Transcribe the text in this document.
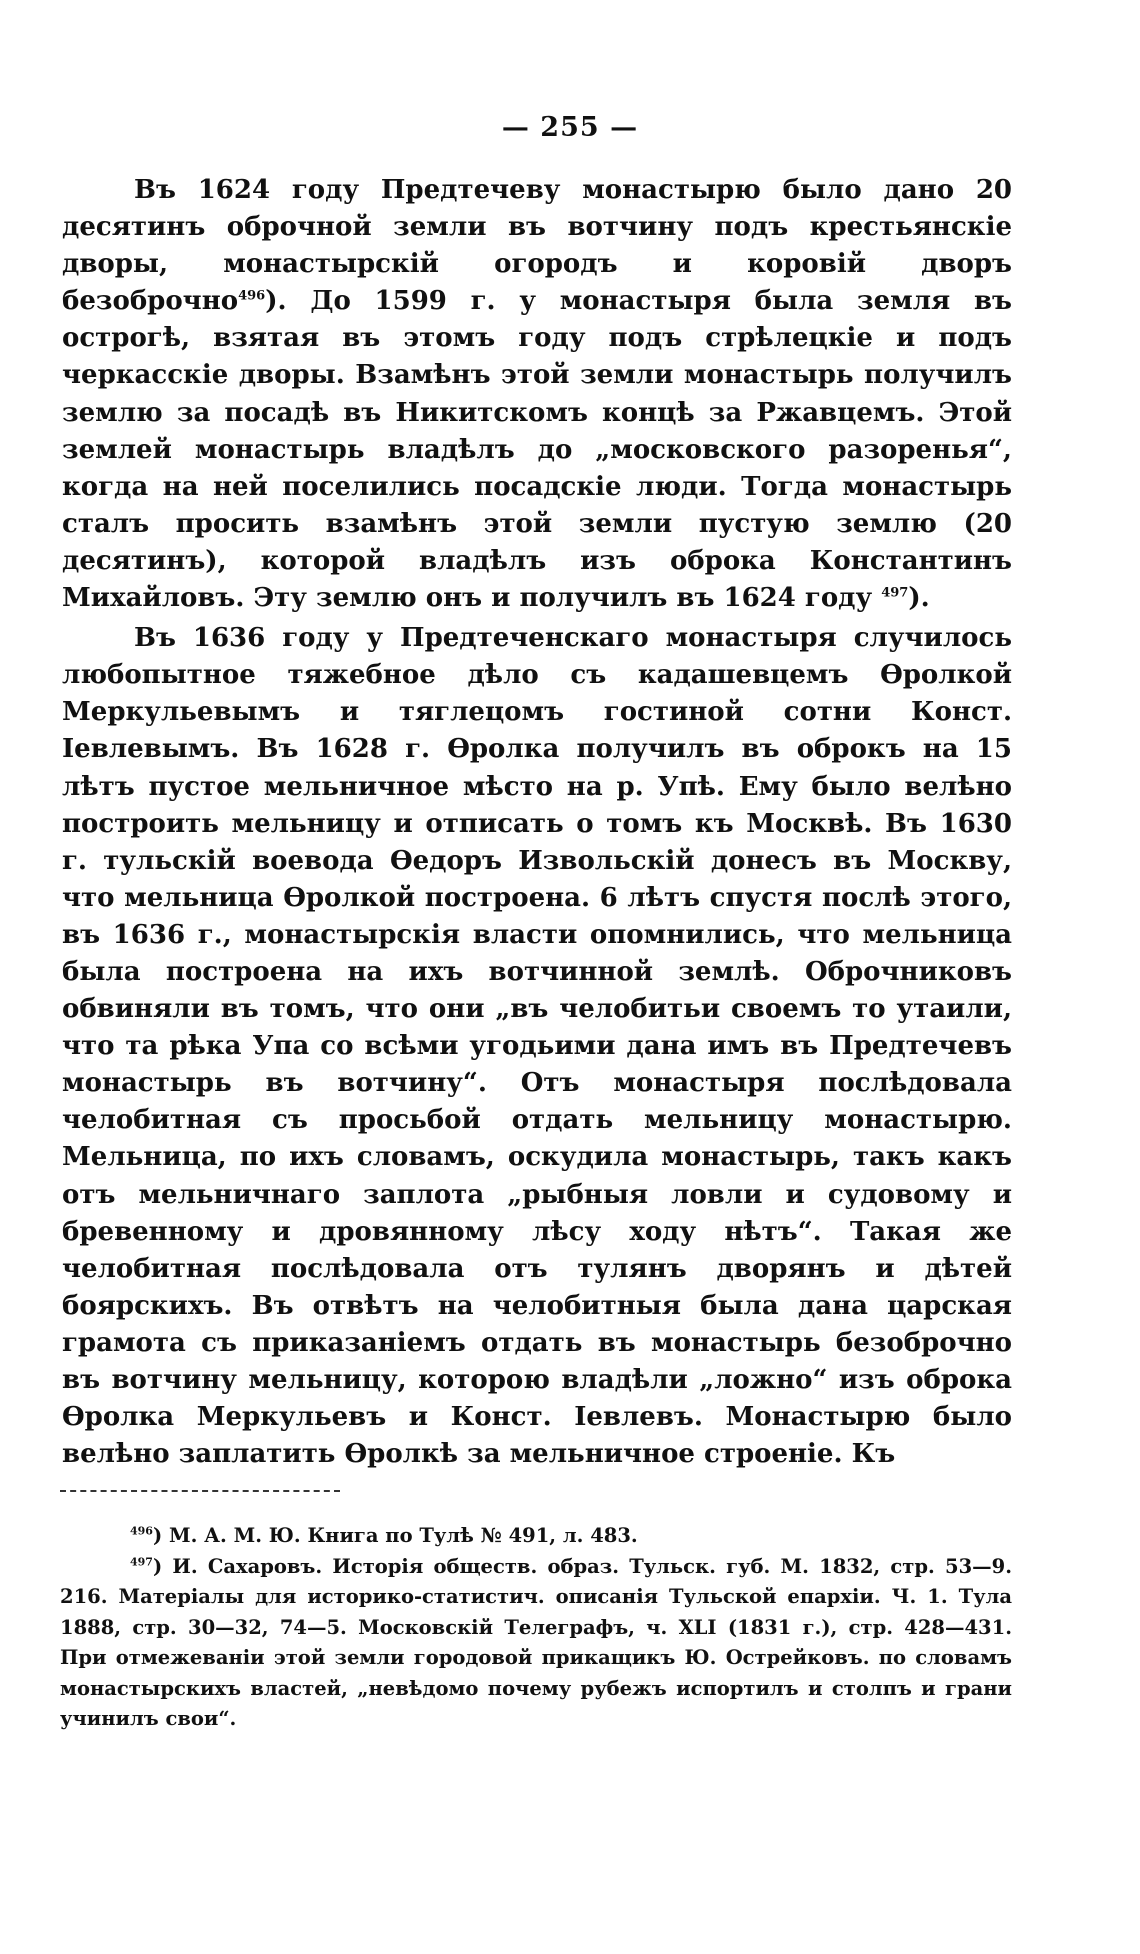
— 255 —

Въ 1624 году Предтечеву монастырю было дано 20 десятинъ оброчной земли въ вотчину подъ крестьянскіе дворы, монастырскій огородъ и коровій дворъ безоброчно$^{496}$). До 1599 г. у монастыря была земля въ острогѣ, взятая въ этомъ году подъ стрѣлецкіе и подъ черкасскіе дворы. Взамѣнъ этой земли монастырь получилъ землю за посадѣ въ Никитскомъ концѣ за Ржавцемъ. Этой землей монастырь владѣлъ до „московского разоренья“, когда на ней поселились посадскіе люди. Тогда монастырь сталъ просить взамѣнъ этой земли пустую землю (20 десятинъ), которой владѣлъ изъ оброка Константинъ Михайловъ. Эту землю онъ и получилъ въ 1624 году $^{497}$).

Въ 1636 году у Предтеченскаго монастыря случилось любопытное тяжебное дѣло съ кадашевцемъ Ѳролкой Меркульевымъ и тяглецомъ гостиной сотни Конст. Іевлевымъ. Въ 1628 г. Ѳролка получилъ въ оброкъ на 15 лѣтъ пустое мельничное мѣсто на р. Упѣ. Ему было велѣно построить мельницу и отписать о томъ къ Москвѣ. Въ 1630 г. тульскій воевода Ѳедоръ Извольскій донесъ въ Москву, что мельница Ѳролкой построена. 6 лѣтъ спустя послѣ этого, въ 1636 г., монастырскія власти опомнились, что мельница была построена на ихъ вотчинной землѣ. Оброчниковъ обвиняли въ томъ, что они „въ челобитьи своемъ то утаили, что та рѣка Упа со всѣми угодьими дана имъ въ Предтечевъ монастырь въ вотчину“. Отъ монастыря послѣдовала челобитная съ просьбой отдать мельницу монастырю. Мельница, по ихъ словамъ, оскудила монастырь, такъ какъ отъ мельничнаго заплота „рыбныя ловли и судовому и бревенному и дровянному лѣсу ходу нѣтъ“. Такая же челобитная послѣдовала отъ тулянъ дворянъ и дѣтей боярскихъ. Въ отвѣтъ на челобитныя была дана царская грамота съ приказаніемъ отдать въ монастырь безоброчно въ вотчину мельницу, которою владѣли „ложно“ изъ оброка Ѳролка Меркульевъ и Конст. Іевлевъ. Монастырю было велѣно заплатить Ѳролкѣ за мельничное строеніе. Къ

$^{496}$) М. А. М. Ю. Книга по Тулѣ № 491, л. 483.

$^{497}$) И. Сахаровъ. Исторія обществ. образ. Тульск. губ. М. 1832, стр. 53—9. 216. Матеріалы для историко-статистич. описанія Тульской епархіи. Ч. 1. Тула 1888, стр. 30—32, 74—5. Московскій Телеграфъ, ч. XLI (1831 г.), стр. 428—431. При отмежеваніи этой земли городовой прикащикъ Ю. Острейковъ. по словамъ монастырскихъ властей, „невѣдомо почему рубежъ испортилъ и столпъ и грани учинилъ свои“.
